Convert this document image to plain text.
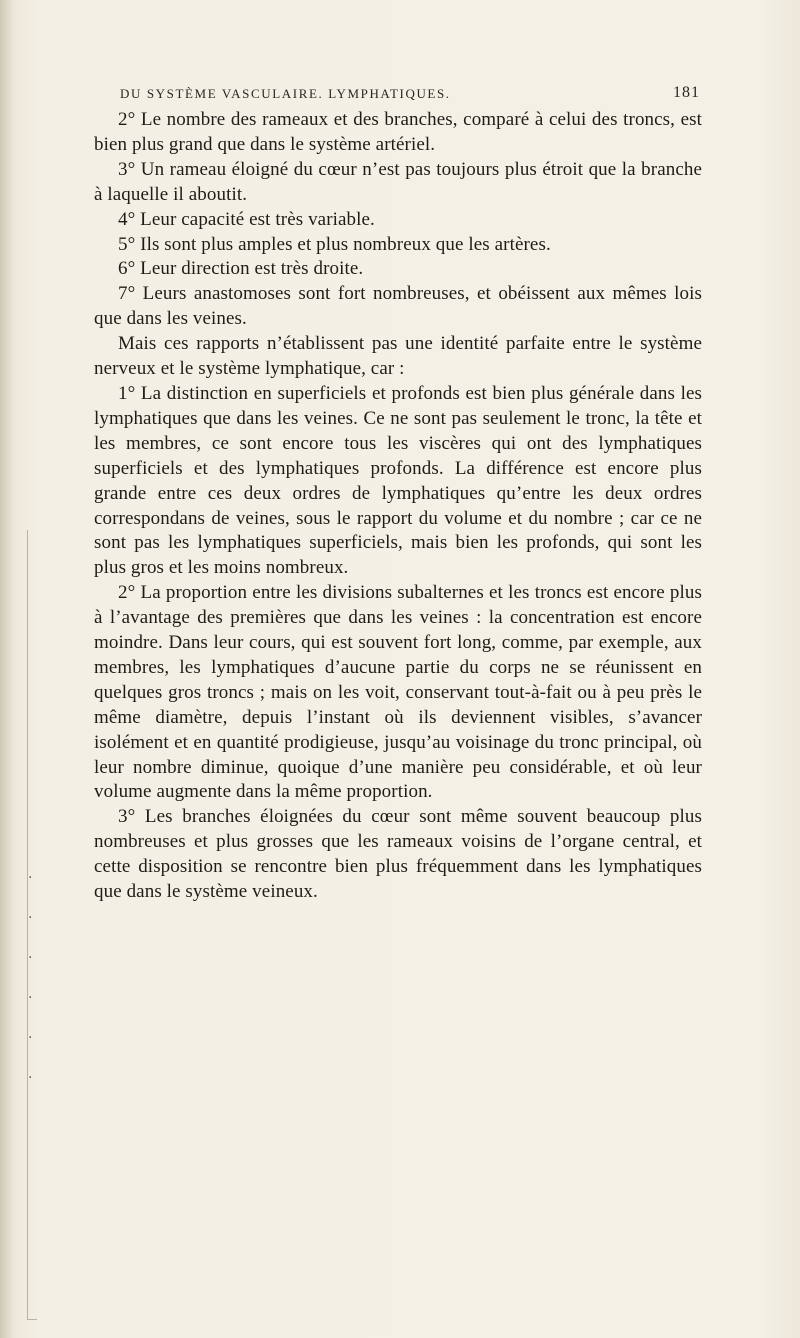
·
·
·
·
·
·
DU SYSTÈME VASCULAIRE. LYMPHATIQUES.	181

2° Le nombre des rameaux et des branches, comparé à celui des troncs, est bien plus grand que dans le système artériel.

3° Un rameau éloigné du cœur n’est pas toujours plus étroit que la branche à laquelle il aboutit.

4° Leur capacité est très variable.

5° Ils sont plus amples et plus nombreux que les artères.

6° Leur direction est très droite.

7° Leurs anastomoses sont fort nombreuses, et obéissent aux mêmes lois que dans les veines.

Mais ces rapports n’établissent pas une identité parfaite entre le système nerveux et le système lymphatique, car :

1° La distinction en superficiels et profonds est bien plus générale dans les lymphatiques que dans les veines. Ce ne sont pas seulement le tronc, la tête et les membres, ce sont encore tous les viscères qui ont des lymphatiques superficiels et des lymphatiques profonds. La différence est encore plus grande entre ces deux ordres de lymphatiques qu’entre les deux ordres correspondans de veines, sous le rapport du volume et du nombre ; car ce ne sont pas les lymphatiques superficiels, mais bien les profonds, qui sont les plus gros et les moins nombreux.

2° La proportion entre les divisions subalternes et les troncs est encore plus à l’avantage des premières que dans les veines : la concentration est encore moindre. Dans leur cours, qui est souvent fort long, comme, par exemple, aux membres, les lymphatiques d’aucune partie du corps ne se réunissent en quelques gros troncs ; mais on les voit, conservant tout-à-fait ou à peu près le même diamètre, depuis l’instant où ils deviennent visibles, s’avancer isolément et en quantité prodigieuse, jusqu’au voisinage du tronc principal, où leur nombre diminue, quoique d’une manière peu considérable, et où leur volume augmente dans la même proportion.

3° Les branches éloignées du cœur sont même souvent beaucoup plus nombreuses et plus grosses que les rameaux voisins de l’organe central, et cette disposition se rencontre bien plus fréquemment dans les lymphatiques que dans le système veineux.
